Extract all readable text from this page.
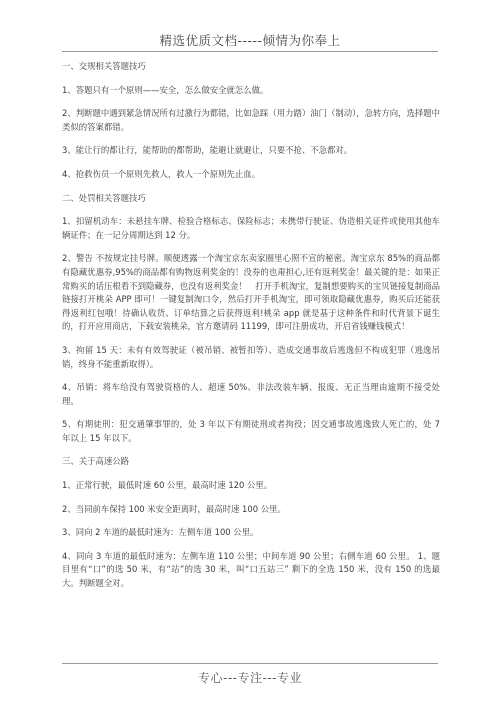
精选优质文档-----倾情为你奉上
一、交规相关答题技巧
1、答题只有一个原则——安全，怎么做安全就怎么做。
2、判断题中遇到紧急情况所有过激行为都错，比如急踩（用力踏）油门（制动），急转方向，选择题中类似的答案都错。
3、能让行的都让行，能帮助的都帮助，能避让就避让，只要不抢、不急都对。
4、抢救伤员一个原则先救人，救人一个原则先止血。
二、处罚相关答题技巧
1、扣留机动车：未悬挂车牌、检验合格标志、保险标志；未携带行驶证、伪造相关证件或使用其他车辆证件；在一记分周期达到 12 分。
2、警告 不按规定挂号牌。顺便透露一个淘宝京东卖家圈里心照不宣的秘密。淘宝京东 85%的商品都有隐藏优惠券,95%的商品都有购物返利奖金的！没券的也甭担心,还有返利奖金！最关键的是：如果正常购买的话压根看不到隐藏券，也没有返利奖金！　打开手机淘宝，复制想要购买的宝贝链接复制商品链接打开桃朵 APP 即可！一键复制淘口令，然后打开手机淘宝，即可领取隐藏优惠券，购买后还能获得返利红包哦！待确认收货、订单结算之后获得返利!桃朵 app 就是基于这种条件和时代背景下诞生的，打开应用商店，下载安装桃朵，官方邀请码 11199，即可注册成功，开启省钱赚钱模式！
3、拘留 15 天：未有有效驾驶证（被吊销、被暂扣等）、造成交通事故后逃逸但不构成犯罪（逃逸吊销，终身不能重新取得）。
4、吊销：将车给没有驾驶资格的人、超速 50%、非法改装车辆、报废、无正当理由逾期不接受处理。
5、有期徒刑：犯交通肇事罪的，处 3 年以下有期徒刑或者拘役；因交通事故逃逸致人死亡的，处 7 年以上 15 年以下。
三、关于高速公路
1、正常行驶，最低时速 60 公里，最高时速 120 公里。
2、当同前车保持 100 米安全距离时，最高时速 100 公里。
3、同向 2 车道的最低时速为：左侧车道 100 公里。
4、同向 3 车道的最低时速为：左侧车道 110 公里；中间车道 90 公里；右侧车道 60 公里。 1、题目里有“口”的选 50 米，有“站”的选 30 米，叫“口五站三” 剩下的全选 150 米，没有 150 的选最大。判断题全对。
专心---专注---专业
